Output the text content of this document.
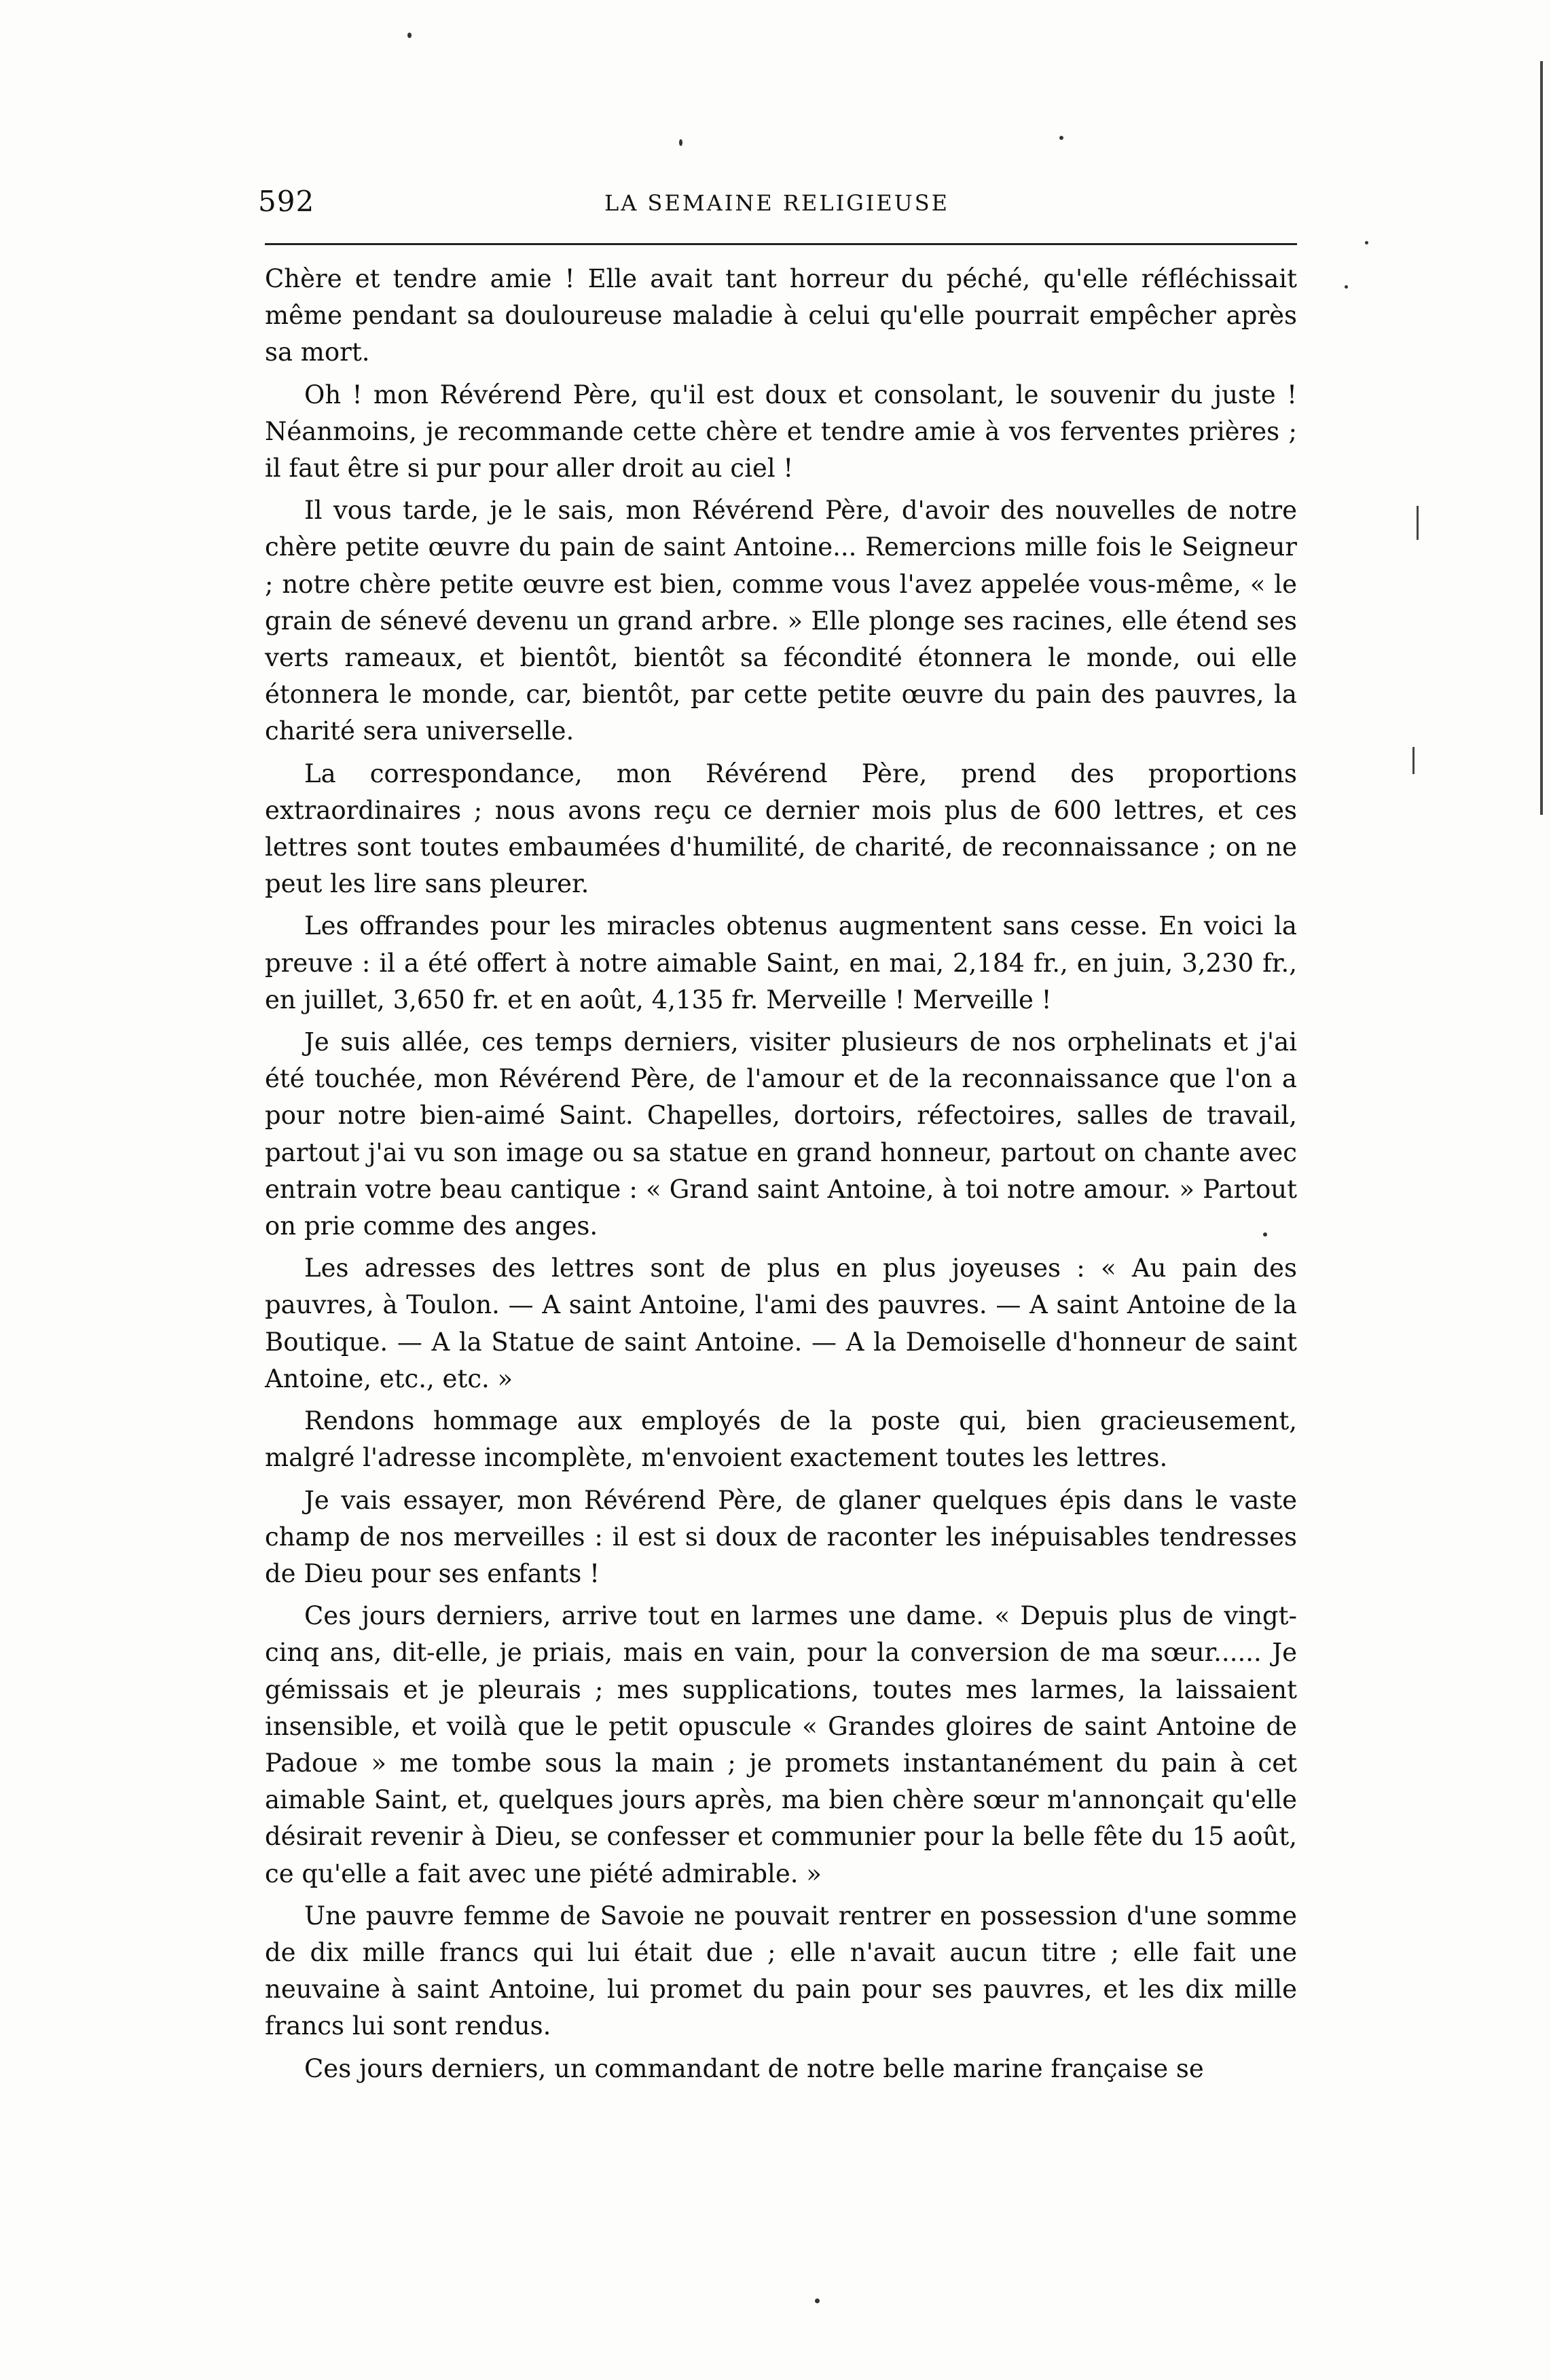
592	LA SEMAINE RELIGIEUSE

Chère et tendre amie ! Elle avait tant horreur du péché, qu'elle réfléchissait même pendant sa douloureuse maladie à celui qu'elle pourrait empêcher après sa mort.

Oh ! mon Révérend Père, qu'il est doux et consolant, le souvenir du juste ! Néanmoins, je recommande cette chère et tendre amie à vos ferventes prières ; il faut être si pur pour aller droit au ciel !

Il vous tarde, je le sais, mon Révérend Père, d'avoir des nouvelles de notre chère petite œuvre du pain de saint Antoine... Remercions mille fois le Seigneur ; notre chère petite œuvre est bien, comme vous l'avez appelée vous-même, « le grain de sénevé devenu un grand arbre. » Elle plonge ses racines, elle étend ses verts rameaux, et bientôt, bientôt sa fécondité étonnera le monde, oui elle étonnera le monde, car, bientôt, par cette petite œuvre du pain des pauvres, la charité sera universelle.

La correspondance, mon Révérend Père, prend des proportions extraordinaires ; nous avons reçu ce dernier mois plus de 600 lettres, et ces lettres sont toutes embaumées d'humilité, de charité, de reconnaissance ; on ne peut les lire sans pleurer.

Les offrandes pour les miracles obtenus augmentent sans cesse. En voici la preuve : il a été offert à notre aimable Saint, en mai, 2,184 fr., en juin, 3,230 fr., en juillet, 3,650 fr. et en août, 4,135 fr. Merveille ! Merveille !

Je suis allée, ces temps derniers, visiter plusieurs de nos orphelinats et j'ai été touchée, mon Révérend Père, de l'amour et de la reconnaissance que l'on a pour notre bien-aimé Saint. Chapelles, dortoirs, réfectoires, salles de travail, partout j'ai vu son image ou sa statue en grand honneur, partout on chante avec entrain votre beau cantique : « Grand saint Antoine, à toi notre amour. » Partout on prie comme des anges.

Les adresses des lettres sont de plus en plus joyeuses : « Au pain des pauvres, à Toulon. — A saint Antoine, l'ami des pauvres. — A saint Antoine de la Boutique. — A la Statue de saint Antoine. — A la Demoiselle d'honneur de saint Antoine, etc., etc. »

Rendons hommage aux employés de la poste qui, bien gracieusement, malgré l'adresse incomplète, m'envoient exactement toutes les lettres.

Je vais essayer, mon Révérend Père, de glaner quelques épis dans le vaste champ de nos merveilles : il est si doux de raconter les inépuisables tendresses de Dieu pour ses enfants !

Ces jours derniers, arrive tout en larmes une dame. « Depuis plus de vingt-cinq ans, dit-elle, je priais, mais en vain, pour la conversion de ma sœur...... Je gémissais et je pleurais ; mes supplications, toutes mes larmes, la laissaient insensible, et voilà que le petit opuscule « Grandes gloires de saint Antoine de Padoue » me tombe sous la main ; je promets instantanément du pain à cet aimable Saint, et, quelques jours après, ma bien chère sœur m'annonçait qu'elle désirait revenir à Dieu, se confesser et communier pour la belle fête du 15 août, ce qu'elle a fait avec une piété admirable. »

Une pauvre femme de Savoie ne pouvait rentrer en possession d'une somme de dix mille francs qui lui était due ; elle n'avait aucun titre ; elle fait une neuvaine à saint Antoine, lui promet du pain pour ses pauvres, et les dix mille francs lui sont rendus.

Ces jours derniers, un commandant de notre belle marine française se
